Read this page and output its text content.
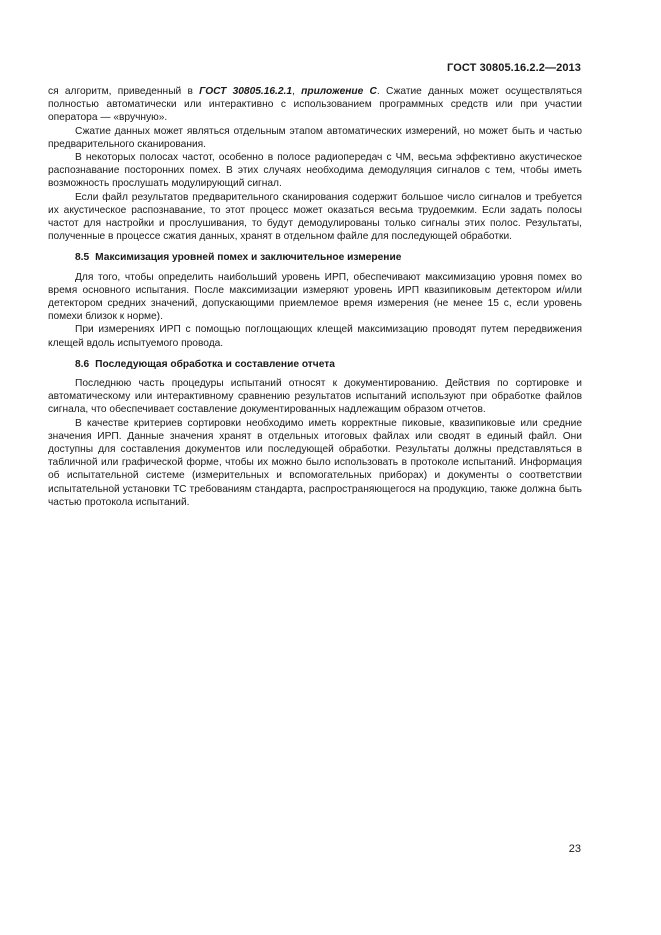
ГОСТ 30805.16.2.2—2013

ся алгоритм, приведенный в ГОСТ 30805.16.2.1, приложение С. Сжатие данных может осуществляться полностью автоматически или интерактивно с использованием программных средств или при участии оператора — «вручную».

Сжатие данных может являться отдельным этапом автоматических измерений, но может быть и частью предварительного сканирования.

В некоторых полосах частот, особенно в полосе радиопередач с ЧМ, весьма эффективно акустическое распознавание посторонних помех. В этих случаях необходима демодуляция сигналов с тем, чтобы иметь возможность прослушать модулирующий сигнал.

Если файл результатов предварительного сканирования содержит большое число сигналов и требуется их акустическое распознавание, то этот процесс может оказаться весьма трудоемким. Если задать полосы частот для настройки и прослушивания, то будут демодулированы только сигналы этих полос. Результаты, полученные в процессе сжатия данных, хранят в отдельном файле для последующей обработки.

8.5 Максимизация уровней помех и заключительное измерение

Для того, чтобы определить наибольший уровень ИРП, обеспечивают максимизацию уровня помех во время основного испытания. После максимизации измеряют уровень ИРП квазипиковым детектором и/или детектором средних значений, допускающими приемлемое время измерения (не менее 15 с, если уровень помехи близок к норме).

При измерениях ИРП с помощью поглощающих клещей максимизацию проводят путем передвижения клещей вдоль испытуемого провода.

8.6 Последующая обработка и составление отчета

Последнюю часть процедуры испытаний относят к документированию. Действия по сортировке и автоматическому или интерактивному сравнению результатов испытаний используют при обработке файлов сигнала, что обеспечивает составление документированных надлежащим образом отчетов.

В качестве критериев сортировки необходимо иметь корректные пиковые, квазипиковые или средние значения ИРП. Данные значения хранят в отдельных итоговых файлах или сводят в единый файл. Они доступны для составления документов или последующей обработки. Результаты должны представляться в табличной или графической форме, чтобы их можно было использовать в протоколе испытаний. Информация об испытательной системе (измерительных и вспомогательных приборах) и документы о соответствии испытательной установки ТС требованиям стандарта, распространяющегося на продукцию, также должна быть частью протокола испытаний.

23
